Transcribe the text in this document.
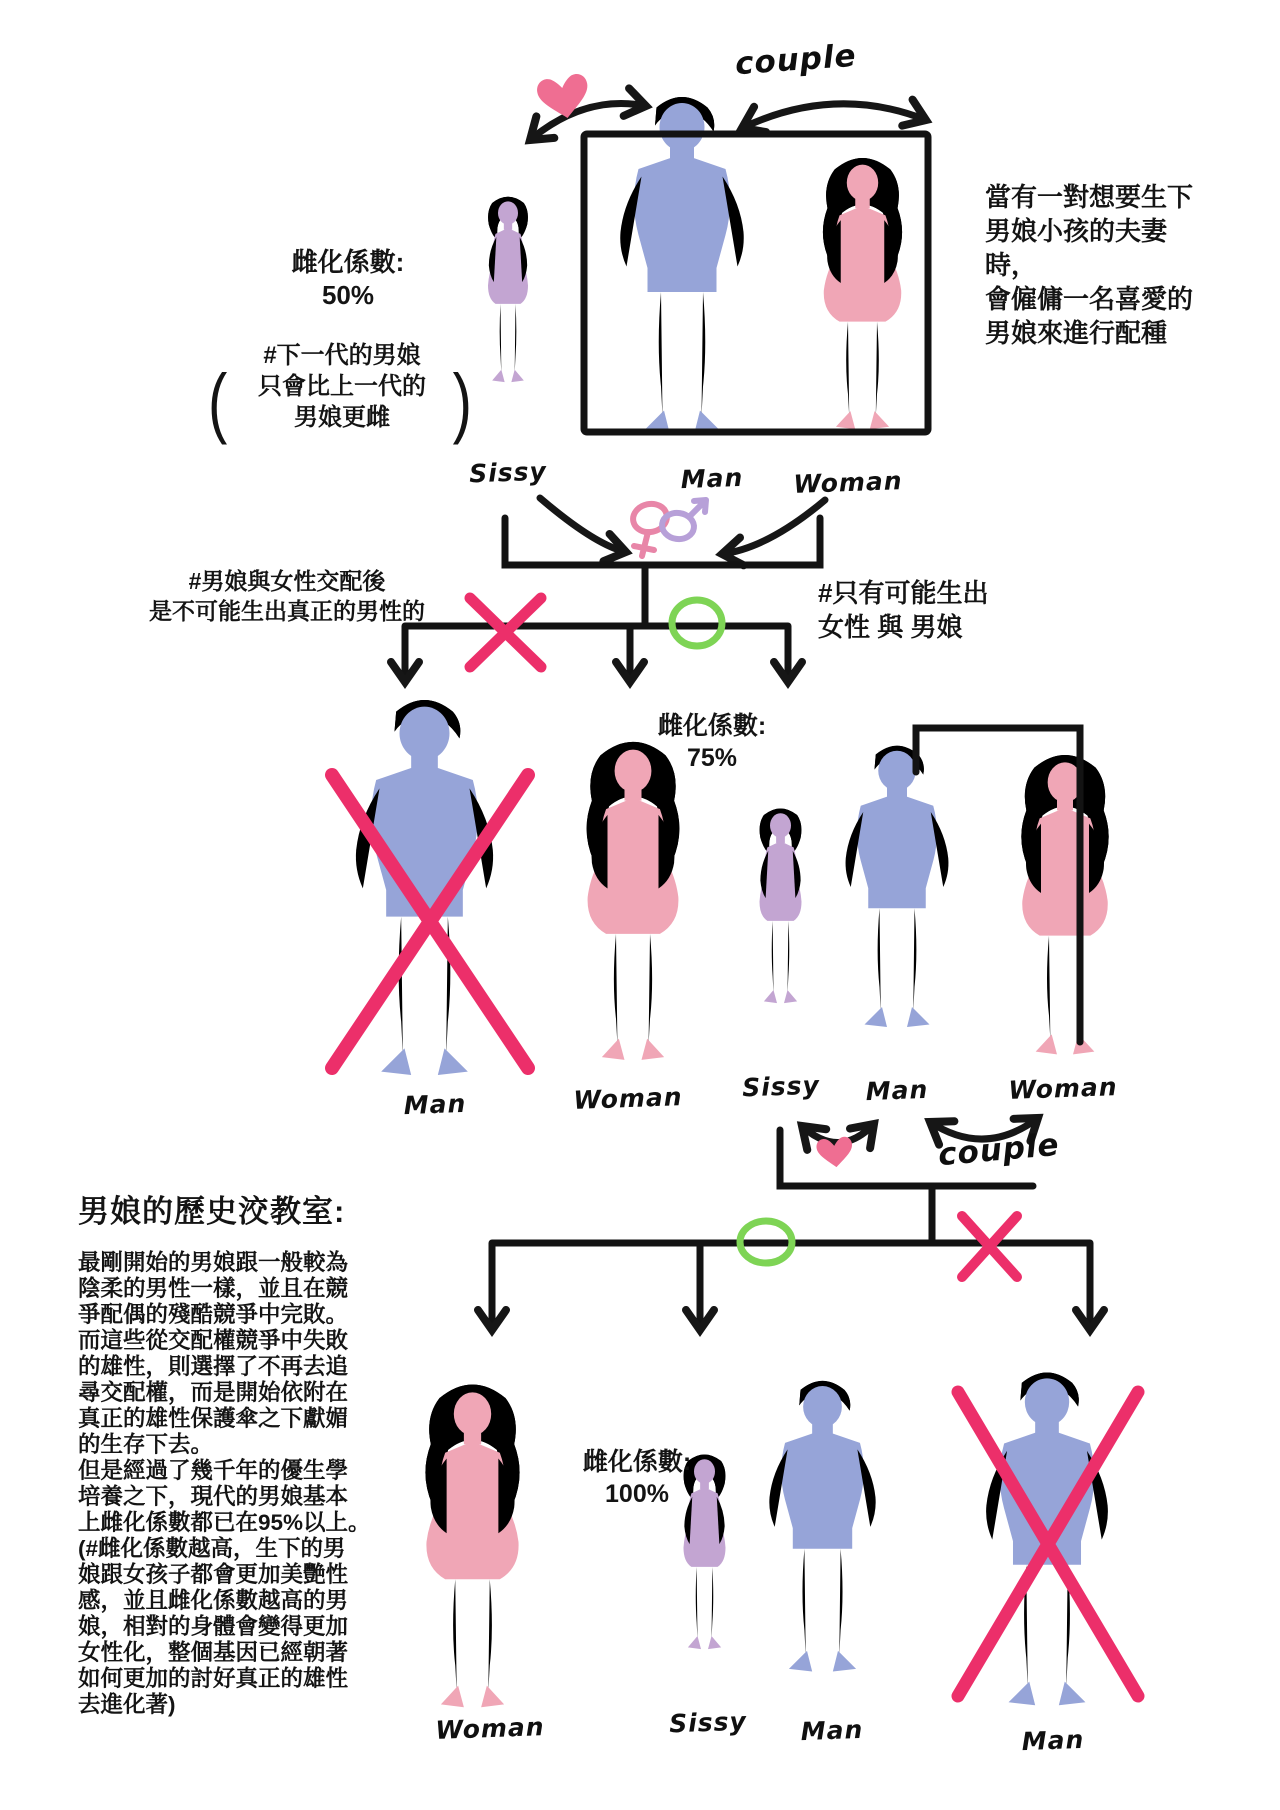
couple
couple
Sissy	Man Woman
雌化係數:
50%
#下一代的男娘
只會比上一代的
男娘更雌
(	)
當有一對想要生下
男娘小孩的夫妻時，
會僱傭一名喜愛的
男娘來進行配種
#男娘與女性交配後
是不可能生出真正的男性的
#只有可能生出
女性 與 男娘
雌化係數:
75%
Man	Woman Sissy Man	Woman
雌化係數:
100%
Woman	Sissy Man	Man
男娘的歷史洨教室:
最剛開始的男娘跟一般較為
陰柔的男性一樣，並且在競
爭配偶的殘酷競爭中完敗。
而這些從交配權競爭中失敗
的雄性，則選擇了不再去追
尋交配權，而是開始依附在
真正的雄性保護傘之下獻媚
的生存下去。
但是經過了幾千年的優生學
培養之下，現代的男娘基本
上雌化係數都已在95%以上。
(#雌化係數越高，生下的男
娘跟女孩子都會更加美艷性
感，並且雌化係數越高的男
娘，相對的身體會變得更加
女性化，整個基因已經朝著
如何更加的討好真正的雄性
去進化著)
